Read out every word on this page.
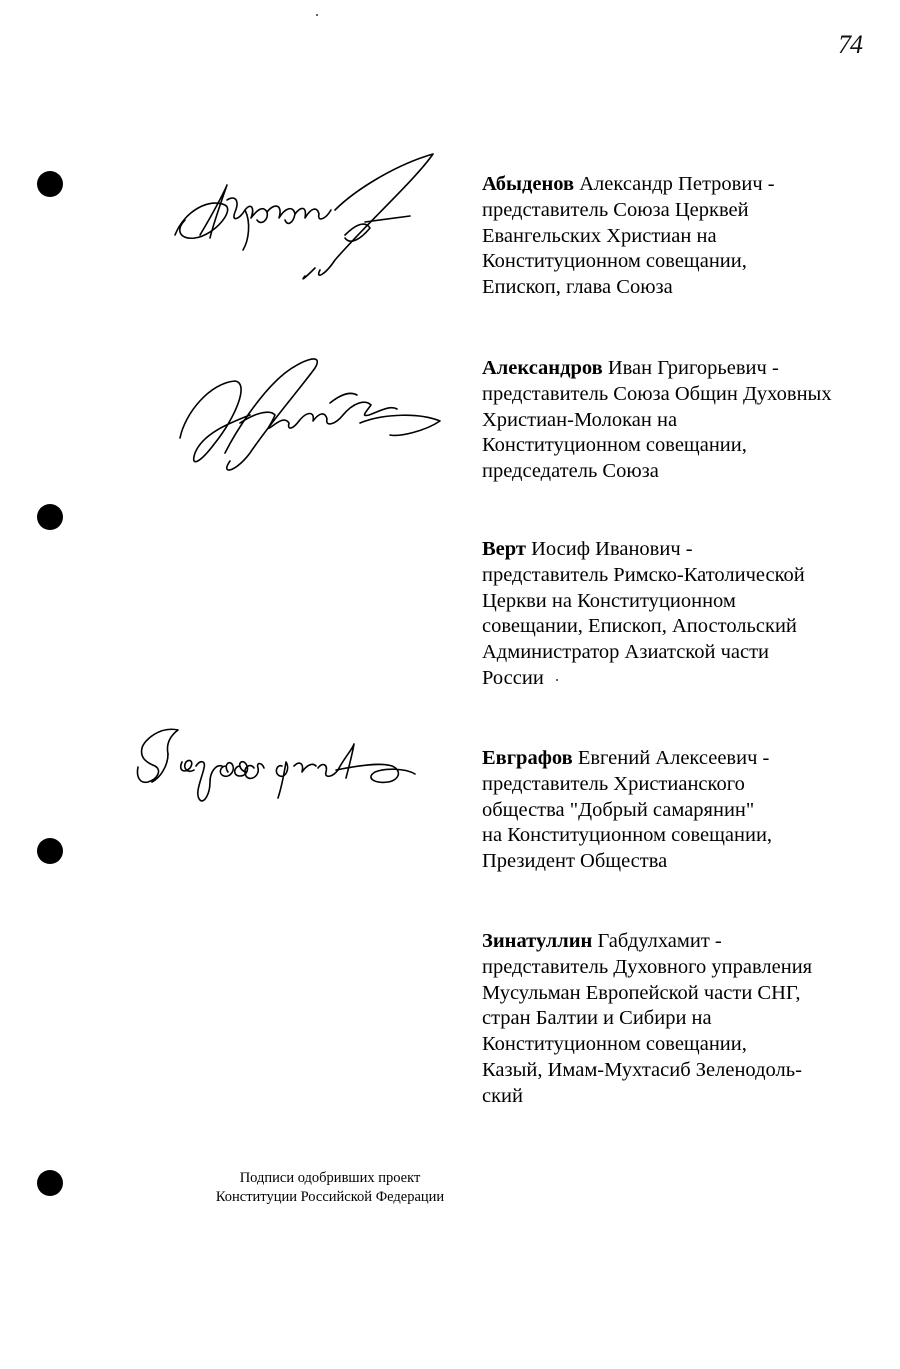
74
Абыденов Александр Петрович -
представитель Союза Церквей
Евангельских Христиан на
Конституционном совещании,
Епископ, глава Союза
Александров Иван Григорьевич -
представитель Союза Общин Духовных
Христиан-Молокан на
Конституционном совещании,
председатель Союза
Верт Иосиф Иванович -
представитель Римско-Католической
Церкви на Конституционном
совещании, Епископ, Апостольский
Администратор Азиатской части
России
Евграфов Евгений Алексеевич -
представитель Христианского
общества "Добрый самарянин"
на Конституционном совещании,
Президент Общества
Зинатуллин Габдулхамит -
представитель Духовного управления
Мусульман Европейской части СНГ,
стран Балтии и Сибири на
Конституционном совещании,
Казый, Имам-Мухтасиб Зеленодоль-
ский
Подписи одобривших проект
Конституции Российской Федерации
